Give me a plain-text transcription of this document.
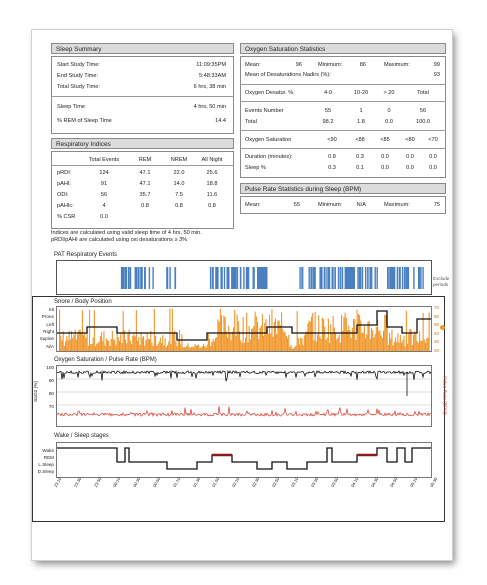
Sleep Summary
Start Study Time:	11:09:35PM
End Study Time:	5:48:33AM
Total Study Time:	6 hrs, 38 min
Sleep Time	4 hrs, 50 min
% REM of Sleep Time	14.4
Respiratory Indices
Total Events	REM	NREM	All Night
pRDI:	124	47.1	22.0	25.6
pAHI:	91	47.1	14.0	18.8
ODI:	56	35.7	7.5	11.6
pAHIc:	4	0.8	0.8	0.8
% CSR	0.0
Indices are calculated using valid sleep time of 4 hrs, 50 min.
pRDI/pAHI are calculated using oxi desaturations ≥ 3%
Oxygen Saturation Statistics
Mean:	96	Minimum:	86	Maximum:	99
Mean of Desaturations Nadirs (%):	93
Oxygen Desatur. %:	4-9	10-20	> 20	Total
Events Number	55	1	0	56
Total	98.2	1.8	0.0	100.0
Oxygen Saturation	<90	<88	<85	<80	<70
Duration (minutes):	0.8	0.3	0.0	0.0	0.0
Sleep %	0.3	0.1	0.0	0.0	0.0
Pulse Rate Statistics during Sleep (BPM)
Mean:	55	Minimum:	N/A	Maximum:	75
PAT Respiratory Events
Exclude
periods
Snore / Body Position
Sit
Prone
Left
Right
Supine
N/A
70
60
50
40
30
20
Oxygen Saturation / Pulse Rate (BPM)
SaO2 (%)
100
90
80
70	Pulse Rate (BPM)
Wake / Sleep stages
Wake
REM
L.Sleep
D.Sleep
23:10 23:30 23:50 00:10 00:30 00:50 01:10 01:30 01:50 02:10 02:30 02:50 03:10 03:30 03:50 04:10 04:30 04:50 05:10 05:30
